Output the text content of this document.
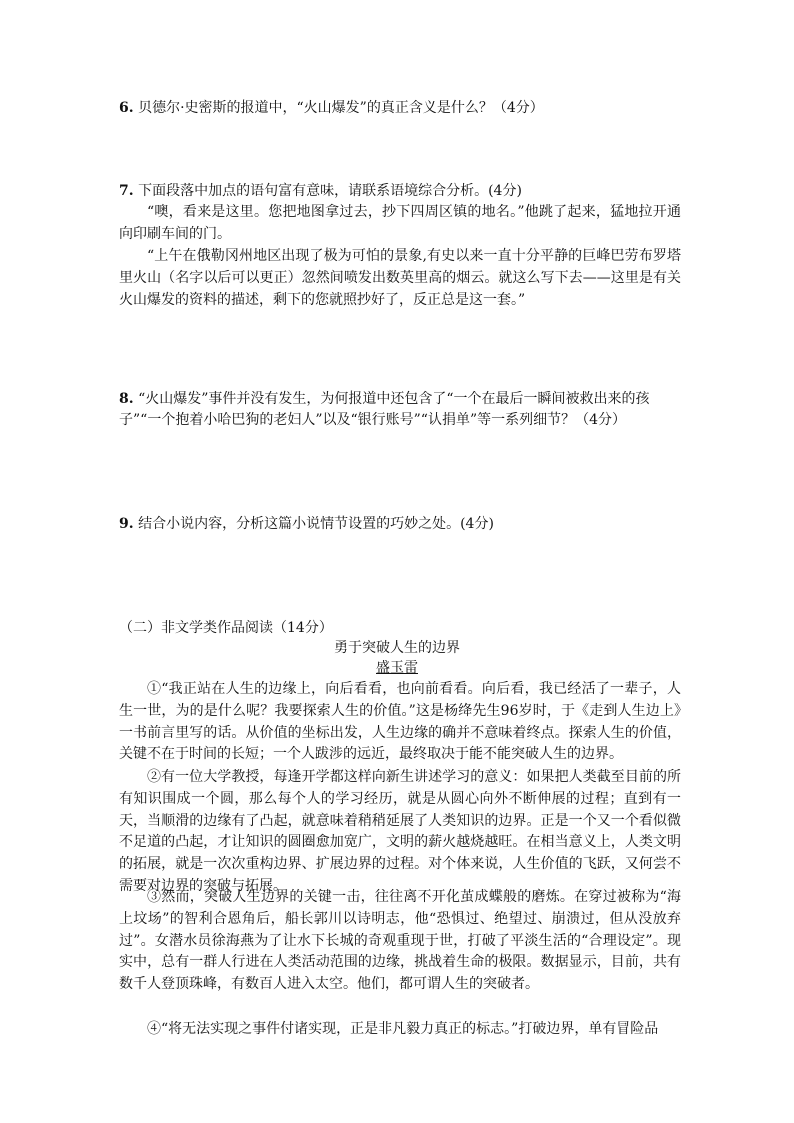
6. 贝德尔·史密斯的报道中，“火山爆发”的真正含义是什么？（4分）
7. 下面段落中加点的语句富有意味，请联系语境综合分析。(4分)
“噢，看来是这里。您把地图拿过去，抄下四周区镇的地名。”他跳了起来，猛地拉开通向印刷车间的门。
“上午在俄勒冈州地区出现了极为可怕的景象,有史以来一直十分平静的巨峰巴劳布罗塔里火山（名字以后可以更正）忽然间喷发出数英里高的烟云。就这么写下去——这里是有关火山爆发的资料的描述，剩下的您就照抄好了，反正总是这一套。”
8. “火山爆发”事件并没有发生，为何报道中还包含了“一个在最后一瞬间被救出来的孩子”“一个抱着小哈巴狗的老妇人”以及“银行账号”“认捐单”等一系列细节？（4分）
9. 结合小说内容，分析这篇小说情节设置的巧妙之处。(4分)
（二）非文学类作品阅读（14分）
勇于突破人生的边界
盛玉雷
①“我正站在人生的边缘上，向后看看，也向前看看。向后看，我已经活了一辈子，人生一世，为的是什么呢？我要探索人生的价值。”这是杨绛先生96岁时，于《走到人生边上》一书前言里写的话。从价值的坐标出发，人生边缘的确并不意味着终点。探索人生的价值，关键不在于时间的长短；一个人跋涉的远近，最终取决于能不能突破人生的边界。
②有一位大学教授，每逢开学都这样向新生讲述学习的意义：如果把人类截至目前的所有知识围成一个圆，那么每个人的学习经历，就是从圆心向外不断伸展的过程；直到有一天，当顺滑的边缘有了凸起，就意味着稍稍延展了人类知识的边界。正是一个又一个看似微不足道的凸起，才让知识的圆圈愈加宽广，文明的薪火越烧越旺。在相当意义上，人类文明的拓展，就是一次次重构边界、扩展边界的过程。对个体来说，人生价值的飞跃，又何尝不需要对边界的突破与拓展。
③然而，突破人生边界的关键一击，往往离不开化茧成蝶般的磨炼。在穿过被称为“海上坟场”的智利合恩角后，船长郭川以诗明志，他“恐惧过、绝望过、崩溃过，但从没放弃过”。女潜水员徐海燕为了让水下长城的奇观重现于世，打破了平淡生活的“合理设定”。现实中，总有一群人行进在人类活动范围的边缘，挑战着生命的极限。数据显示，目前，共有数千人登顶珠峰，有数百人进入太空。他们，都可谓人生的突破者。
④“将无法实现之事件付诸实现，正是非凡毅力真正的标志。”打破边界，单有冒险品
